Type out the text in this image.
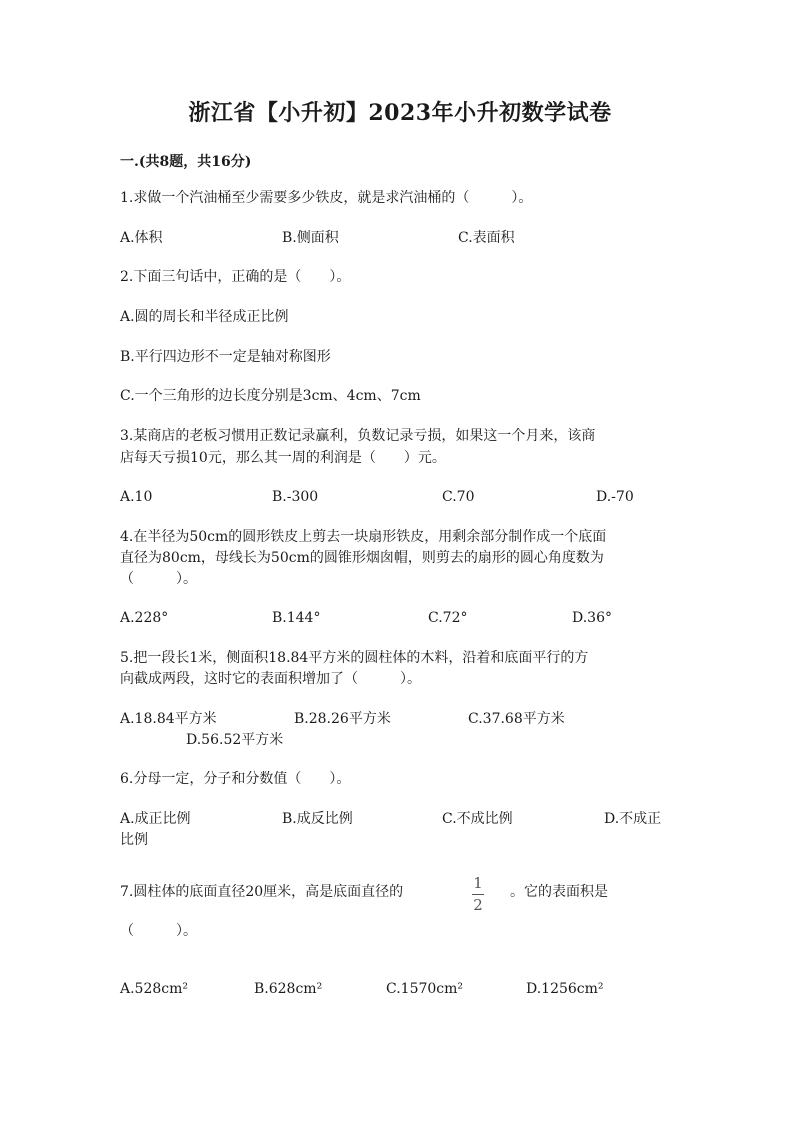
浙江省【小升初】2023年小升初数学试卷
一.(共8题，共16分)
1.求做一个汽油桶至少需要多少铁皮，就是求汽油桶的（　　　）。
A.体积	B.侧面积	C.表面积
2.下面三句话中，正确的是（　　）。
A.圆的周长和半径成正比例
B.平行四边形不一定是轴对称图形
C.一个三角形的边长度分别是3cm、4cm、7cm
3.某商店的老板习惯用正数记录赢利，负数记录亏损，如果这一个月来，该商
店每天亏损10元，那么其一周的利润是（　　）元。
A.10	B.-300	C.70	D.-70
4.在半径为50cm的圆形铁皮上剪去一块扇形铁皮，用剩余部分制作成一个底面
直径为80cm，母线长为50cm的圆锥形烟囱帽，则剪去的扇形的圆心角度数为
（　　　）。
A.228°	B.144°	C.72°	D.36°
5.把一段长1米，侧面积18.84平方米的圆柱体的木料，沿着和底面平行的方
向截成两段，这时它的表面积增加了（　　　）。
A.18.84平方米	B.28.26平方米	C.37.68平方米
D.56.52平方米
6.分母一定，分子和分数值（　　）。
A.成正比例	B.成反比例	C.不成比例	D.不成正
比例
7.圆柱体的底面直径20厘米，高是底面直径的	1
2
。它的表面积是
（　　　）。
A.528cm²	B.628cm²	C.1570cm²	D.1256cm²
